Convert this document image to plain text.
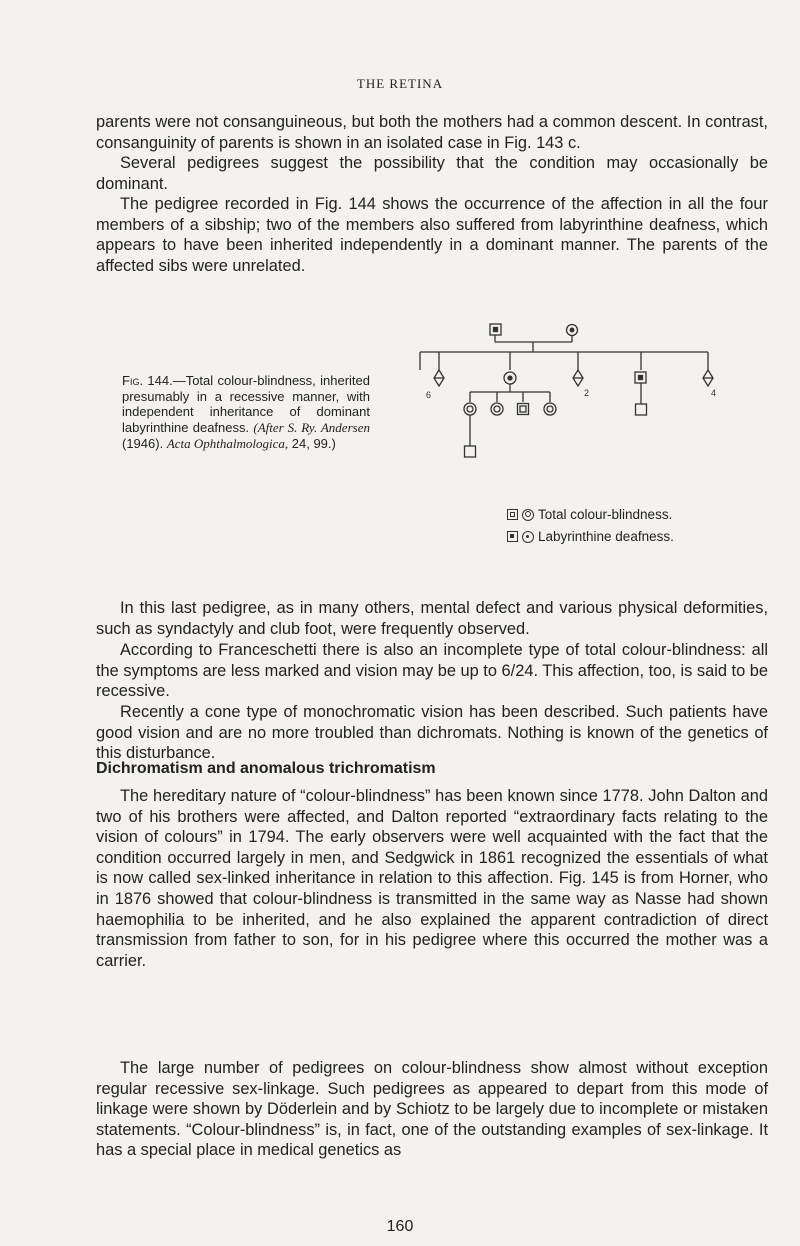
THE RETINA

parents were not consanguineous, but both the mothers had a common descent. In contrast, consanguinity of parents is shown in an isolated case in Fig. 143 c.

Several pedigrees suggest the possibility that the condition may occasionally be dominant.

The pedigree recorded in Fig. 144 shows the occurrence of the affection in all the four members of a sibship; two of the members also suffered from labyrinthine deafness, which appears to have been inherited independently in a dominant manner. The parents of the affected sibs were unrelated.

Fig. 144.—Total colour-blindness, inherited presumably in a recessive manner, with independent inheritance of dominant labyrinthine deafness. (After S. Ry. Andersen (1946). Acta Ophthalmologica, 24, 99.)

6	2	4
Total colour-blindness.
Labyrinthine deafness.

In this last pedigree, as in many others, mental defect and various physical deformities, such as syndactyly and club foot, were frequently observed.

According to Franceschetti there is also an incomplete type of total colour-blindness: all the symptoms are less marked and vision may be up to 6/24. This affection, too, is said to be recessive.

Recently a cone type of monochromatic vision has been described. Such patients have good vision and are no more troubled than dichromats. Nothing is known of the genetics of this disturbance.

Dichromatism and anomalous trichromatism

The hereditary nature of “colour-blindness” has been known since 1778. John Dalton and two of his brothers were affected, and Dalton reported “extraordinary facts relating to the vision of colours” in 1794. The early observers were well acquainted with the fact that the condition occurred largely in men, and Sedgwick in 1861 recognized the essentials of what is now called sex-linked inheritance in relation to this affection. Fig. 145 is from Horner, who in 1876 showed that colour-blindness is transmitted in the same way as Nasse had shown haemophilia to be inherited, and he also explained the apparent contradiction of direct transmission from father to son, for in his pedigree where this occurred the mother was a carrier.

The large number of pedigrees on colour-blindness show almost without exception regular recessive sex-linkage. Such pedigrees as appeared to depart from this mode of linkage were shown by Döderlein and by Schiotz to be largely due to incomplete or mistaken statements. “Colour-blindness” is, in fact, one of the outstanding examples of sex-linkage. It has a special place in medical genetics as

160
